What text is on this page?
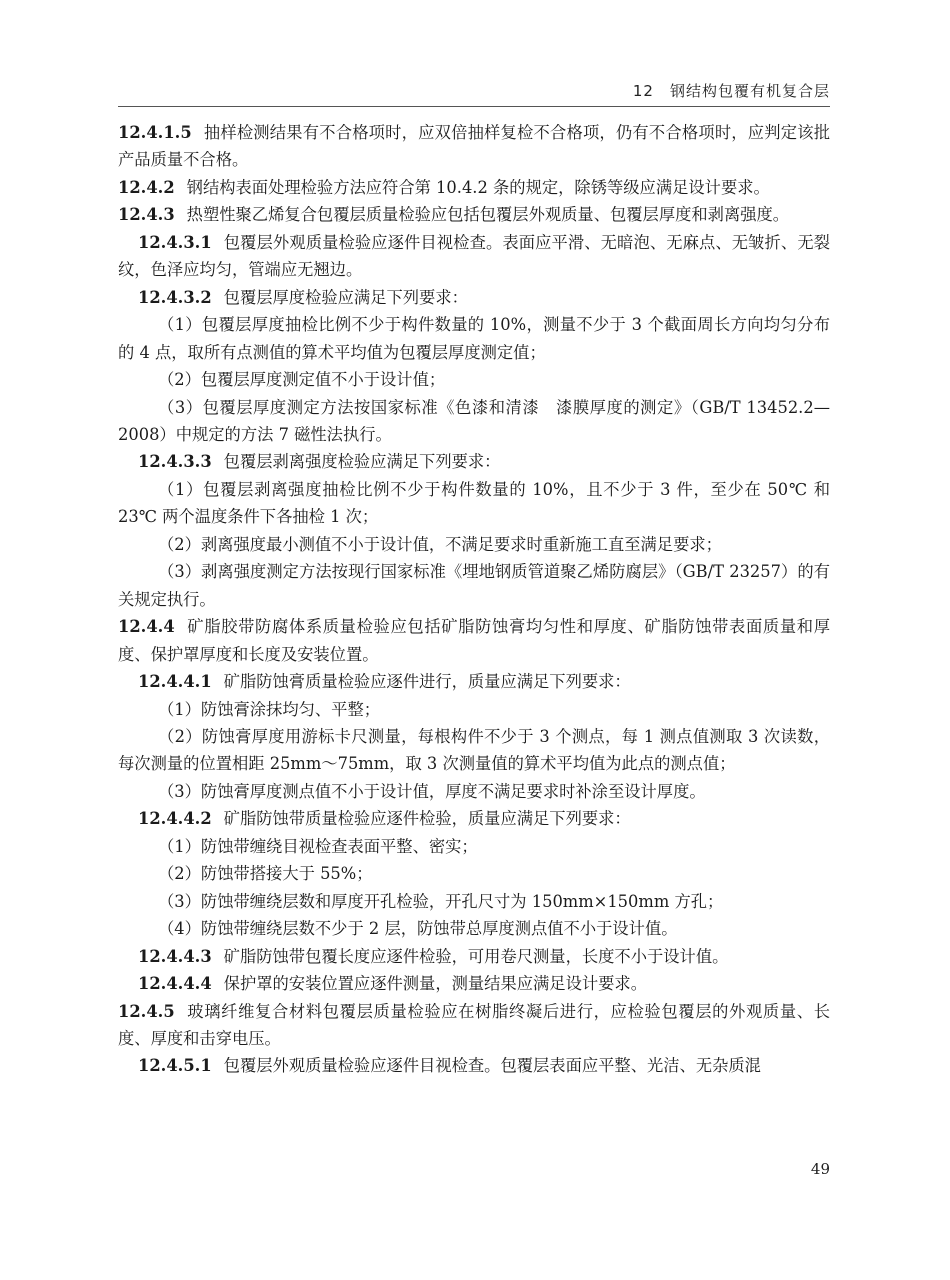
12 钢结构包覆有机复合层

12.4.1.5 抽样检测结果有不合格项时，应双倍抽样复检不合格项，仍有不合格项时，应判定该批产品质量不合格。

12.4.2 钢结构表面处理检验方法应符合第 10.4.2 条的规定，除锈等级应满足设计要求。

12.4.3 热塑性聚乙烯复合包覆层质量检验应包括包覆层外观质量、包覆层厚度和剥离强度。

12.4.3.1 包覆层外观质量检验应逐件目视检查。表面应平滑、无暗泡、无麻点、无皱折、无裂纹，色泽应均匀，管端应无翘边。

12.4.3.2 包覆层厚度检验应满足下列要求：

（1）包覆层厚度抽检比例不少于构件数量的 10%，测量不少于 3 个截面周长方向均匀分布的 4 点，取所有点测值的算术平均值为包覆层厚度测定值；

（2）包覆层厚度测定值不小于设计值；

（3）包覆层厚度测定方法按国家标准《色漆和清漆　漆膜厚度的测定》（GB/T 13452.2—2008）中规定的方法 7 磁性法执行。

12.4.3.3 包覆层剥离强度检验应满足下列要求：

（1）包覆层剥离强度抽检比例不少于构件数量的 10%，且不少于 3 件，至少在 50℃ 和 23℃ 两个温度条件下各抽检 1 次；

（2）剥离强度最小测值不小于设计值，不满足要求时重新施工直至满足要求；

（3）剥离强度测定方法按现行国家标准《埋地钢质管道聚乙烯防腐层》（GB/T 23257）的有关规定执行。

12.4.4 矿脂胶带防腐体系质量检验应包括矿脂防蚀膏均匀性和厚度、矿脂防蚀带表面质量和厚度、保护罩厚度和长度及安装位置。

12.4.4.1 矿脂防蚀膏质量检验应逐件进行，质量应满足下列要求：

（1）防蚀膏涂抹均匀、平整；

（2）防蚀膏厚度用游标卡尺测量，每根构件不少于 3 个测点，每 1 测点值测取 3 次读数，每次测量的位置相距 25mm～75mm，取 3 次测量值的算术平均值为此点的测点值；

（3）防蚀膏厚度测点值不小于设计值，厚度不满足要求时补涂至设计厚度。

12.4.4.2 矿脂防蚀带质量检验应逐件检验，质量应满足下列要求：

（1）防蚀带缠绕目视检查表面平整、密实；

（2）防蚀带搭接大于 55%；

（3）防蚀带缠绕层数和厚度开孔检验，开孔尺寸为 150mm×150mm 方孔；

（4）防蚀带缠绕层数不少于 2 层，防蚀带总厚度测点值不小于设计值。

12.4.4.3 矿脂防蚀带包覆长度应逐件检验，可用卷尺测量，长度不小于设计值。

12.4.4.4 保护罩的安装位置应逐件测量，测量结果应满足设计要求。

12.4.5 玻璃纤维复合材料包覆层质量检验应在树脂终凝后进行，应检验包覆层的外观质量、长度、厚度和击穿电压。

12.4.5.1 包覆层外观质量检验应逐件目视检查。包覆层表面应平整、光洁、无杂质混

49
